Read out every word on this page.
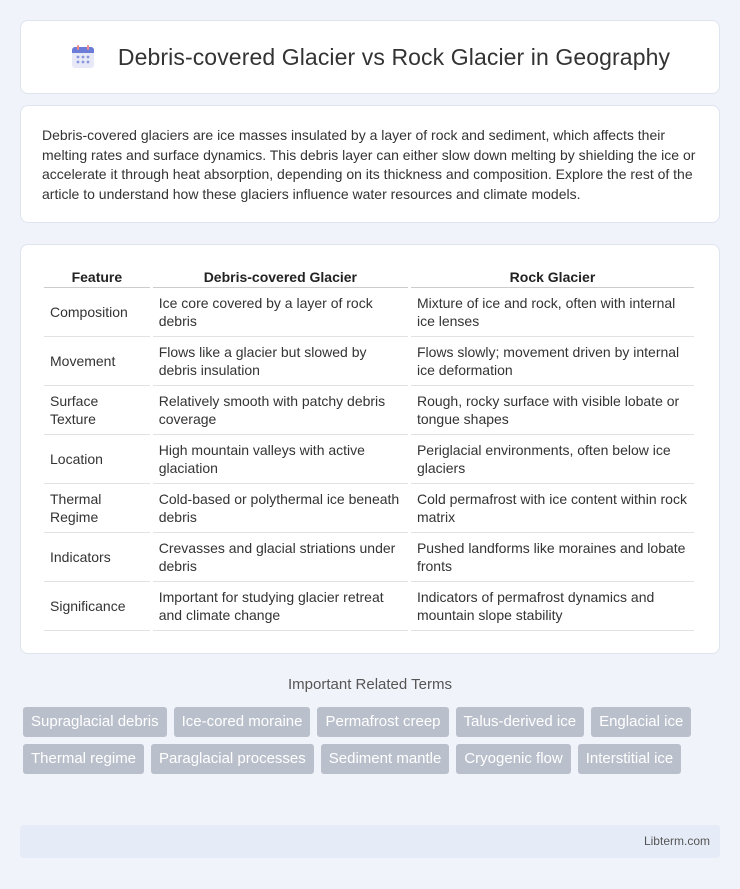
Debris-covered Glacier vs Rock Glacier in Geography

Debris-covered glaciers are ice masses insulated by a layer of rock and sediment, which affects their melting rates and surface dynamics. This debris layer can either slow down melting by shielding the ice or accelerate it through heat absorption, depending on its thickness and composition. Explore the rest of the article to understand how these glaciers influence water resources and climate models.

Feature	Debris-covered Glacier	Rock Glacier
Composition	Ice core covered by a layer of rock debris	Mixture of ice and rock, often with internal ice lenses
Movement	Flows like a glacier but slowed by debris insulation	Flows slowly; movement driven by internal ice deformation
Surface Texture	Relatively smooth with patchy debris coverage	Rough, rocky surface with visible lobate or tongue shapes
Location	High mountain valleys with active glaciation	Periglacial environments, often below ice glaciers
Thermal Regime	Cold-based or polythermal ice beneath debris	Cold permafrost with ice content within rock matrix
Indicators	Crevasses and glacial striations under debris	Pushed landforms like moraines and lobate fronts
Significance	Important for studying glacier retreat and climate change	Indicators of permafrost dynamics and mountain slope stability
Important Related Terms
Supraglacial debris	Ice-cored moraine	Permafrost creep	Talus-derived ice	Englacial ice
Thermal regime	Paraglacial processes	Sediment mantle	Cryogenic flow	Interstitial ice
Libterm.com
